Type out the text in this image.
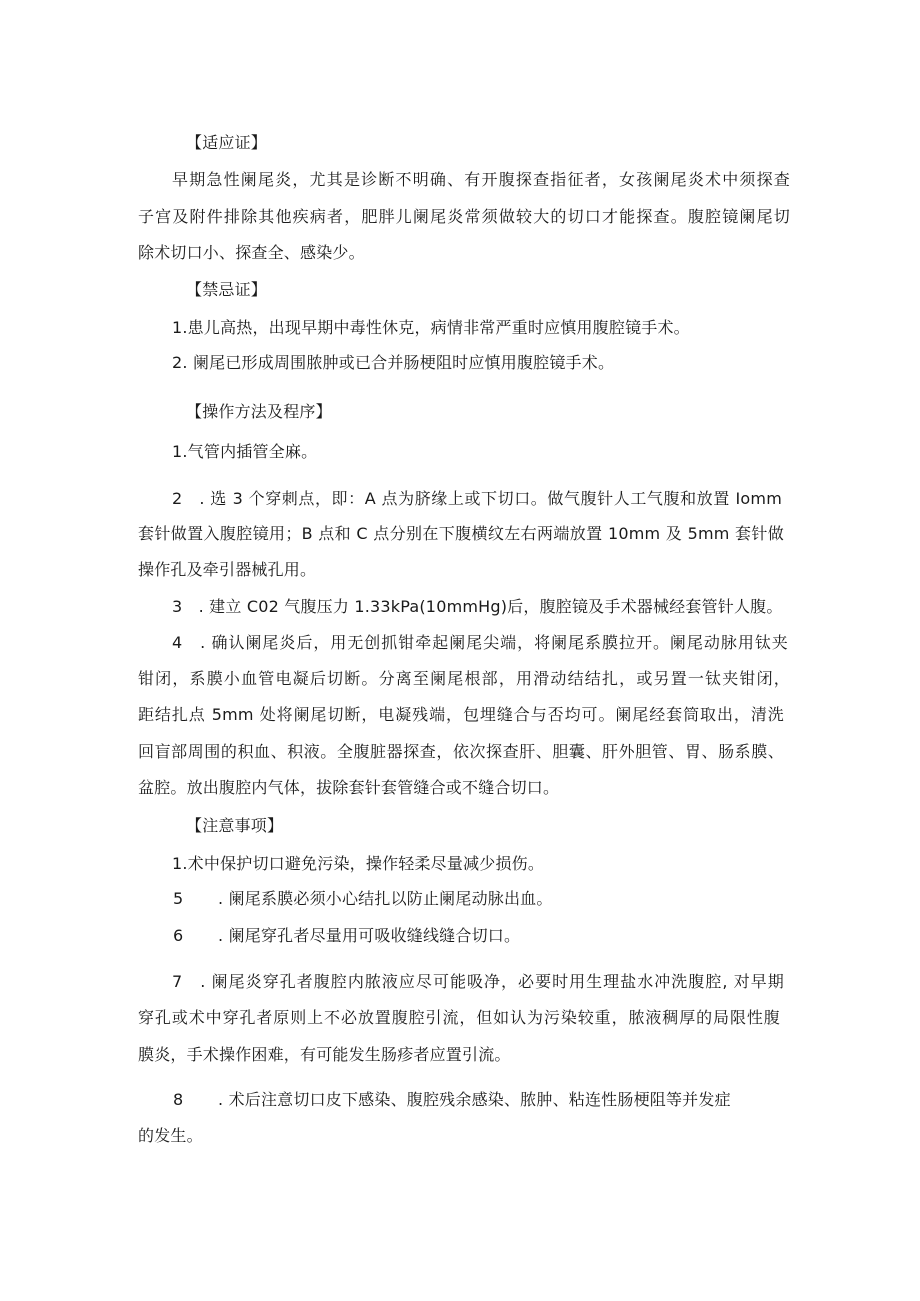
【适应证】
早期急性阑尾炎，尤其是诊断不明确、有开腹探查指征者，女孩阑尾炎术中须探查
子宫及附件排除其他疾病者，肥胖儿阑尾炎常须做较大的切口才能探查。腹腔镜阑尾切
除术切口小、探查全、感染少。
【禁忌证】
1.患儿高热，出现早期中毒性休克，病情非常严重时应慎用腹腔镜手术。
2. 阑尾已形成周围脓肿或已合并肠梗阻时应慎用腹腔镜手术。
【操作方法及程序】
1.气管内插管全麻。
2　. 选 3 个穿刺点，即：A 点为脐缘上或下切口。做气腹针人工气腹和放置 Iomm
套针做置入腹腔镜用；B 点和 C 点分别在下腹横纹左右两端放置 10mm 及 5mm 套针做
操作孔及牵引器械孔用。
3　. 建立 C02 气腹压力 1.33kPa(10mmHg)后，腹腔镜及手术器械经套管针人腹。
4　. 确认阑尾炎后，用无创抓钳牵起阑尾尖端，将阑尾系膜拉开。阑尾动脉用钛夹
钳闭，系膜小血管电凝后切断。分离至阑尾根部，用滑动结结扎，或另置一钛夹钳闭，
距结扎点 5mm 处将阑尾切断，电凝残端，包埋缝合与否均可。阑尾经套筒取出，清洗
回盲部周围的积血、积液。全腹脏器探查，依次探查肝、胆囊、肝外胆管、胃、肠系膜、
盆腔。放出腹腔内气体，拔除套针套管缝合或不缝合切口。
【注意事项】
1.术中保护切口避免污染，操作轻柔尽量减少损伤。
5 . 阑尾系膜必须小心结扎以防止阑尾动脉出血。
6 . 阑尾穿孔者尽量用可吸收缝线缝合切口。
7　. 阑尾炎穿孔者腹腔内脓液应尽可能吸净，必要时用生理盐水冲洗腹腔, 对早期
穿孔或术中穿孔者原则上不必放置腹腔引流，但如认为污染较重，脓液稠厚的局限性腹
膜炎，手术操作困难，有可能发生肠疹者应置引流。
8 . 术后注意切口皮下感染、腹腔残余感染、脓肿、粘连性肠梗阻等并发症
的发生。
